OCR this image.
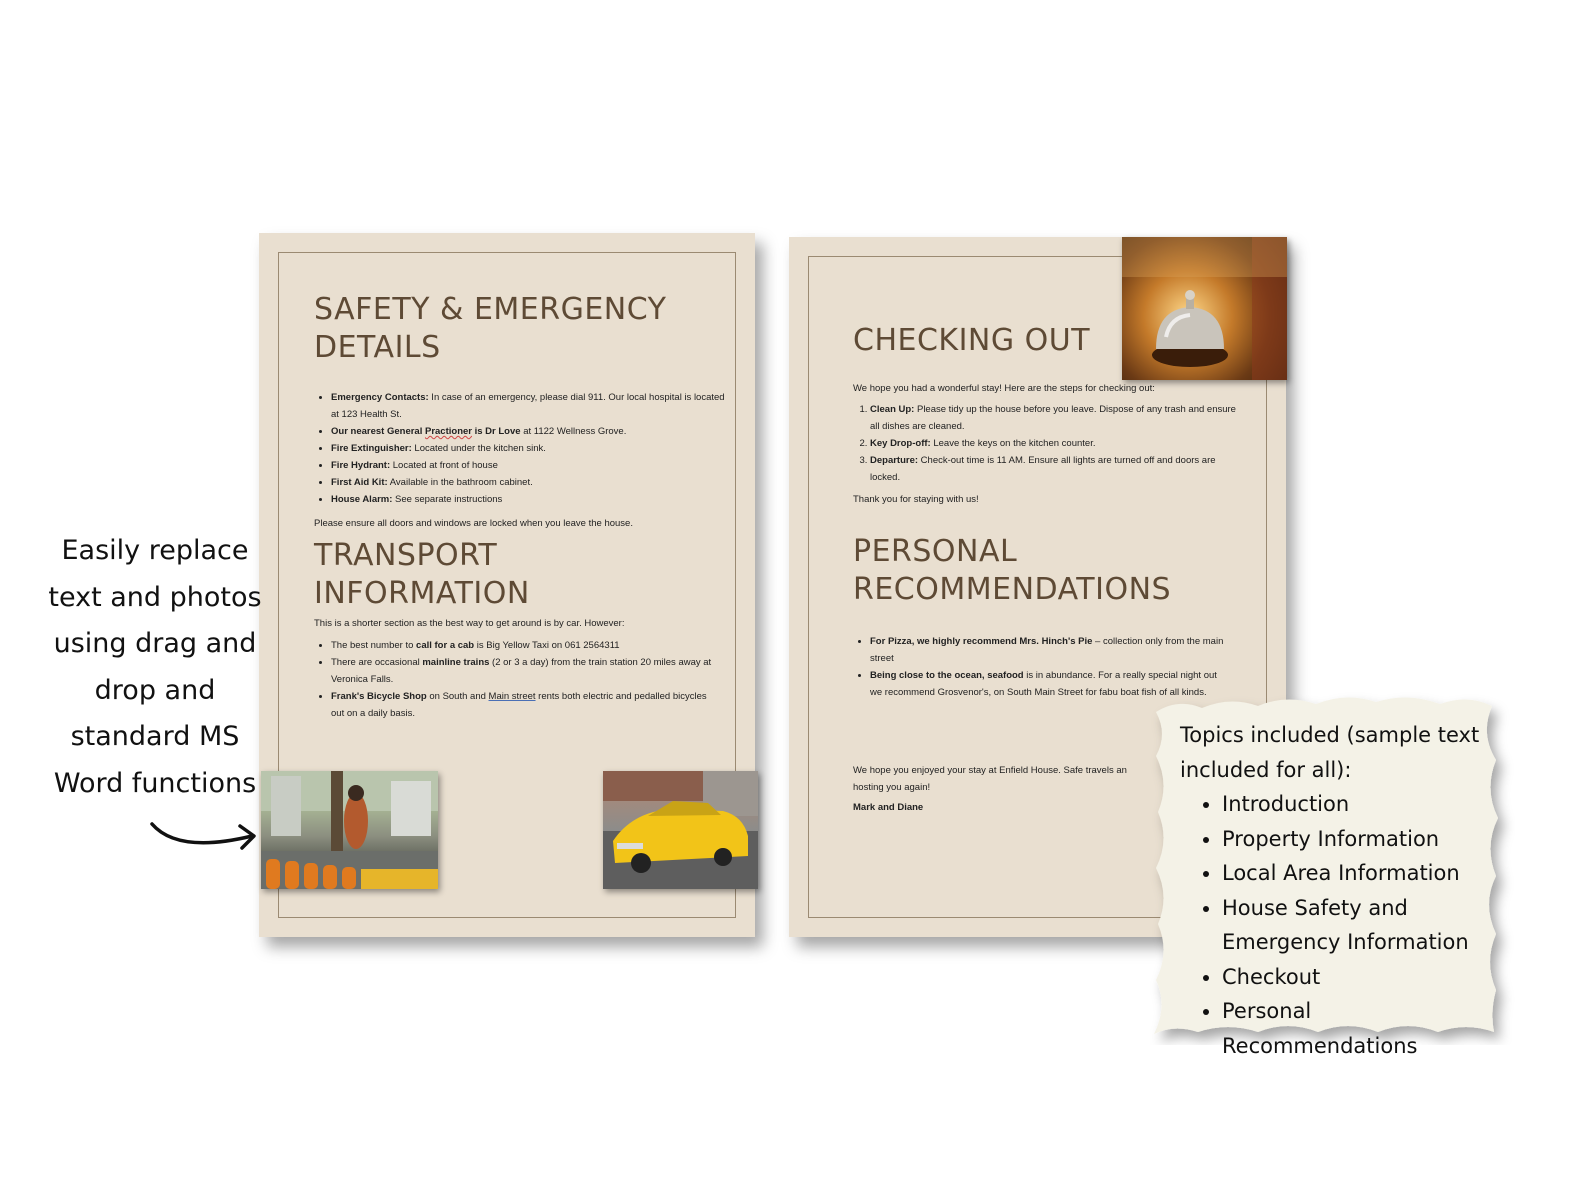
SAFETY & EMERGENCY
DETAILS
• Emergency Contacts: In case of an emergency, please dial 911. Our local hospital is located at 123 Health St.
• Our nearest General Practioner is Dr Love at 1122 Wellness Grove.
• Fire Extinguisher: Located under the kitchen sink.
• Fire Hydrant: Located at front of house
• First Aid Kit: Available in the bathroom cabinet.
• House Alarm: See separate instructions

Please ensure all doors and windows are locked when you leave the house.

TRANSPORT
INFORMATION

This is a shorter section as the best way to get around is by car. However:

• The best number to call for a cab is Big Yellow Taxi on 061 2564311
• There are occasional mainline trains (2 or 3 a day) from the train station 20 miles away at Veronica Falls.
• Frank's Bicycle Shop on South and Main street rents both electric and pedalled bicycles out on a daily basis.
CHECKING OUT

We hope you had a wonderful stay! Here are the steps for checking out:

1. Clean Up: Please tidy up the house before you leave. Dispose of any trash and ensure all dishes are cleaned.
2. Key Drop-off: Leave the keys on the kitchen counter.
3. Departure: Check-out time is 11 AM. Ensure all lights are turned off and doors are locked.

Thank you for staying with us!

PERSONAL
RECOMMENDATIONS
• For Pizza, we highly recommend Mrs. Hinch's Pie – collection only from the main street
• Being close to the ocean, seafood is in abundance. For a really special night out we recommend Grosvenor's, on South Main Street for fabu boat fish of all kinds.

We hope you enjoyed your stay at Enfield House. Safe travels an hosting you again!

Mark and Diane

Easily replace
text and photos
using drag and
drop and
standard MS
Word functions
Topics included (sample text
included for all):
• Introduction
• Property Information
• Local Area Information
• House Safety and Emergency Information
• Checkout
• Personal Recommendations
